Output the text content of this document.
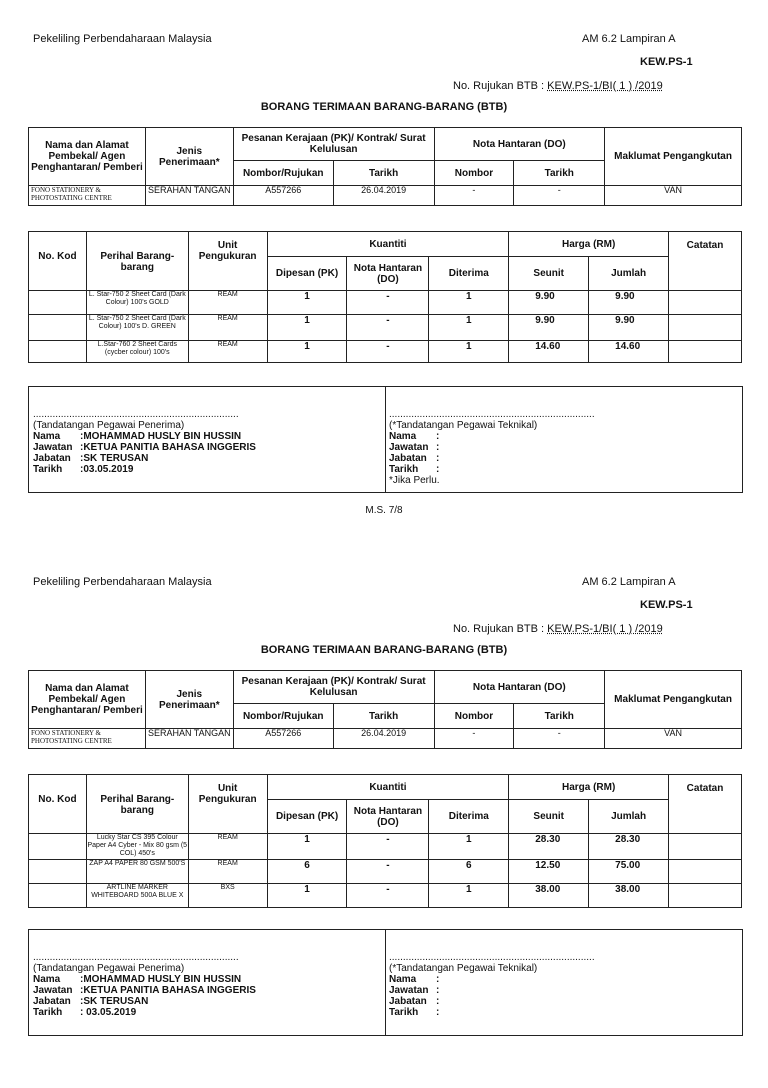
Pekeliling Perbendaharaan Malaysia	AM 6.2 Lampiran A
KEW.PS-1
No. Rujukan BTB : KEW.PS-1/BI( 1 ) /2019
BORANG TERIMAAN BARANG-BARANG (BTB)
Nama dan Alamat Pembekal/ Agen Penghantaran/ Pemberi	Jenis Penerimaan*	Pesanan Kerajaan (PK)/ Kontrak/ Surat Kelulusan		Nota Hantaran (DO)		Maklumat Pengangkutan
		Nombor/Rujukan	Tarikh	Nombor	Tarikh	

FONO STATIONERY &
PHOTOSTATING CENTRE	SERAHAN TANGAN	A557266	26.04.2019	-	-	VAN
No. Kod	Perihal Barang-barang	Unit Pengukuran	Kuantiti			Harga (RM)		Catatan
			Dipesan (PK)	Nota Hantaran (DO)	Diterima	Seunit	Jumlah	
	L. Star-750 2 Sheet Card (Dark Colour) 100's GOLD	REAM	1	-	1	9.90	9.90	
	L. Star-750 2 Sheet Card (Dark Colour) 100's D. GREEN	REAM	1	-	1	9.90	9.90	
	L.Star-760 2 Sheet Cards (cycber colour) 100's	REAM	1	-	1	14.60	14.60	
..........................................................................
(Tandatangan Pegawai Penerima)
Nama :MOHAMMAD HUSLY BIN HUSSIN
Jawatan :KETUA PANITIA BAHASA INGGERIS
Jabatan :SK TERUSAN
Tarikh :03.05.2019
..........................................................................
(*Tandatangan Pegawai Teknikal)
Nama :
Jawatan :
Jabatan :
Tarikh :
*Jika Perlu.
M.S. 7/8
Pekeliling Perbendaharaan Malaysia	AM 6.2 Lampiran A
KEW.PS-1
No. Rujukan BTB : KEW.PS-1/BI( 1 ) /2019
BORANG TERIMAAN BARANG-BARANG (BTB)
Nama dan Alamat Pembekal/ Agen Penghantaran/ Pemberi	Jenis Penerimaan*	Pesanan Kerajaan (PK)/ Kontrak/ Surat Kelulusan		Nota Hantaran (DO)		Maklumat Pengangkutan
		Nombor/Rujukan	Tarikh	Nombor	Tarikh	

FONO STATIONERY &
PHOTOSTATING CENTRE	SERAHAN TANGAN	A557266	26.04.2019	-	-	VAN
No. Kod	Perihal Barang-barang	Unit Pengukuran	Kuantiti			Harga (RM)		Catatan
			Dipesan (PK)	Nota Hantaran (DO)	Diterima	Seunit	Jumlah	
	Lucky Star CS 395 Colour Paper A4 Cyber - Mix 80 gsm (5 COL) 450's	REAM	1	-	1	28.30	28.30	
	ZAP A4 PAPER 80 GSM 500'S	REAM	6	-	6	12.50	75.00	
	ARTLINE MARKER WHITEBOARD 500A BLUE X	BXS	1	-	1	38.00	38.00	
..........................................................................
(Tandatangan Pegawai Penerima)
Nama :MOHAMMAD HUSLY BIN HUSSIN
Jawatan :KETUA PANITIA BAHASA INGGERIS
Jabatan :SK TERUSAN
Tarikh : 03.05.2019
..........................................................................
(*Tandatangan Pegawai Teknikal)
Nama :
Jawatan :
Jabatan :
Tarikh :
